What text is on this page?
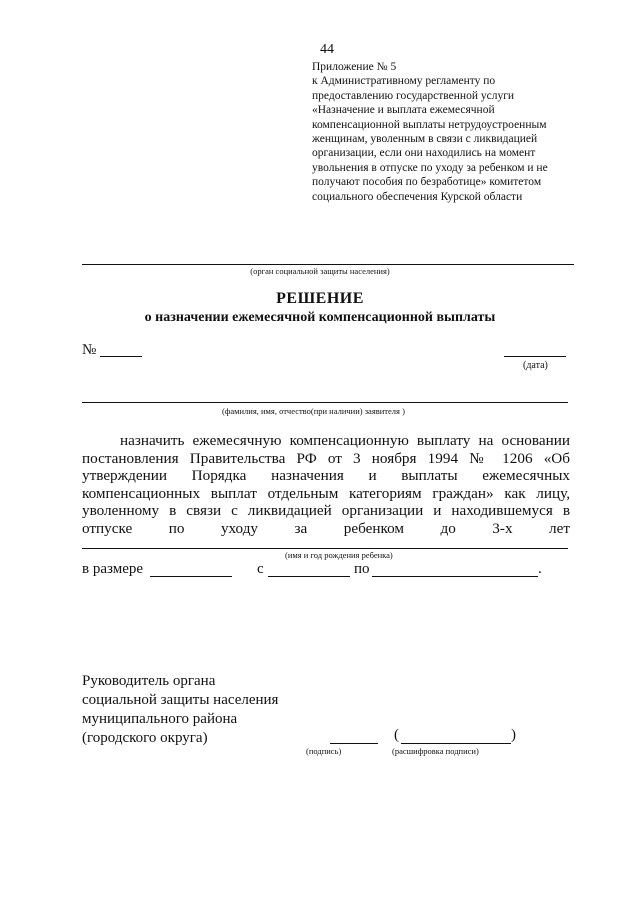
44
Приложение № 5
к Административному регламенту по
предоставлению государственной услуги
«Назначение и выплата ежемесячной
компенсационной выплаты нетрудоустроенным
женщинам, уволенным в связи с ликвидацией
организации, если они находились на момент
увольнения в отпуске по уходу за ребенком и не
получают пособия по безработице» комитетом
социального обеспечения Курской области
(орган социальной защиты населения)
РЕШЕНИЕ
о назначении ежемесячной компенсационной выплаты
№
(дата)
(фамилия, имя, отчество(при наличии) заявителя )
назначить ежемесячную компенсационную выплату на основании
постановления Правительства РФ от 3 ноября 1994 № 1206 «Об
утверждении Порядка назначения и выплаты ежемесячных
компенсационных выплат отдельным категориям граждан» как лицу,
уволенному в связи с ликвидацией организации и находившемуся в
отпуске по уходу за ребенком до 3-х лет
(имя и год рождения ребенка)
в размере	с	по	.
Руководитель органа
социальной защиты населения
муниципального района
(городского округа)
(подпись)
(	)
(расшифровка подписи)
